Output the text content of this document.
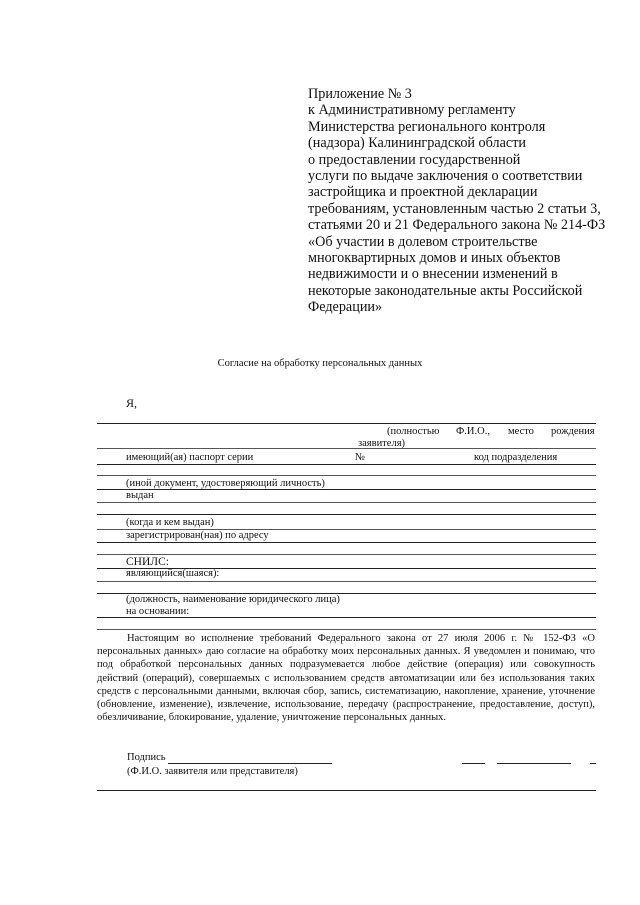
Приложение № 3
к Административному регламенту
Министерства регионального контроля
(надзора) Калининградской области
о предоставлении государственной
услуги по выдаче заключения о соответствии
застройщика и проектной декларации
требованиям, установленным частью 2 статьи 3,
статьями 20 и 21 Федерального закона № 214-ФЗ
«Об участии в долевом строительстве
многоквартирных домов и иных объектов
недвижимости и о внесении изменений в
некоторые законодательные акты Российской
Федерации»
Согласие на обработку персональных данных
Я,
(полностью Ф.И.О., место рождения
заявителя)
имеющий(ая) паспорт серии	№	код подразделения
(иной документ, удостоверяющий личность)
выдан
(когда и кем выдан)
зарегистрирован(ная) по адресу
СНИЛС:
являющийся(шаяся):
(должность, наименование юридического лица)
на основании:
Настоящим во исполнение требований Федерального закона от 27 июля 2006 г. № 152-ФЗ «О персональных данных» даю согласие на обработку моих персональных данных. Я уведомлен и понимаю, что под обработкой персональных данных подразумевается любое действие (операция) или совокупность действий (операций), совершаемых с использованием средств автоматизации или без использования таких средств с персональными данными, включая сбор, запись, систематизацию, накопление, хранение, уточнение (обновление, изменение), извлечение, использование, передачу (распространение, предоставление, доступ), обезличивание, блокирование, удаление, уничтожение персональных данных.
Подпись
(Ф.И.О. заявителя или представителя)
